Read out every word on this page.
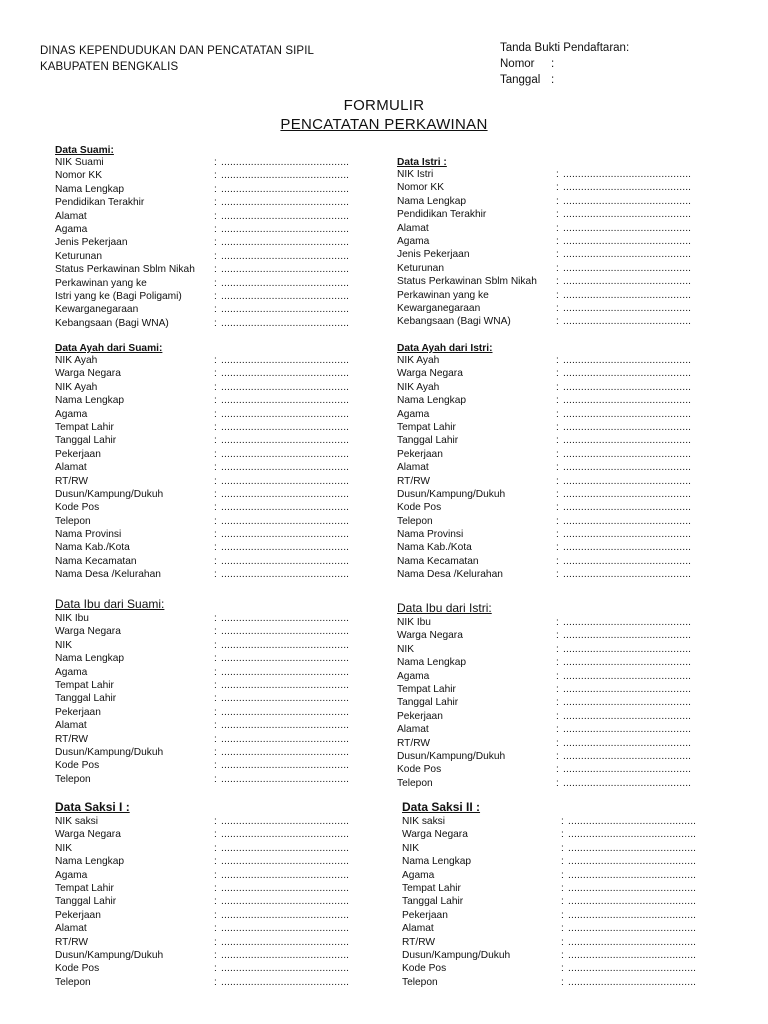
DINAS KEPENDUDUKAN DAN PENCATATAN SIPIL
KABUPATEN BENGKALIS
Tanda Bukti Pendaftaran:
Nomor	:
Tanggal :
FORMULIR
PENCATATAN PERKAWINAN
Data Suami:
NIK Suami	: ...........................................
Nomor KK	: ...........................................
Nama Lengkap	: ...........................................
Pendidikan Terakhir	: ...........................................
Alamat	: ...........................................
Agama	: ...........................................
Jenis Pekerjaan	: ...........................................
Keturunan	: ...........................................
Status Perkawinan Sblm Nikah : ...........................................
Perkawinan yang ke	: ...........................................
Istri yang ke (Bagi Poligami)	: ...........................................
Kewarganegaraan	: ...........................................
Kebangsaan (Bagi WNA)	: ...........................................
Data Istri :
NIK Istri	: ...........................................
Nomor KK	: ...........................................
Nama Lengkap	: ...........................................
Pendidikan Terakhir	: ...........................................
Alamat	: ...........................................
Agama	: ...........................................
Jenis Pekerjaan	: ...........................................
Keturunan	: ...........................................
Status Perkawinan Sblm Nikah : ...........................................
Perkawinan yang ke	: ...........................................
Kewarganegaraan	: ...........................................
Kebangsaan (Bagi WNA)	: ...........................................
Data Ayah dari Suami:
NIK Ayah	: ...........................................
Warga Negara	: ...........................................
NIK Ayah	: ...........................................
Nama Lengkap	: ...........................................
Agama	: ...........................................
Tempat Lahir	: ...........................................
Tanggal Lahir	: ...........................................
Pekerjaan	: ...........................................
Alamat	: ...........................................
RT/RW	: ...........................................
Dusun/Kampung/Dukuh	: ...........................................
Kode Pos	: ...........................................
Telepon	: ...........................................
Nama Provinsi	: ...........................................
Nama Kab./Kota	: ...........................................
Nama Kecamatan	: ...........................................
Nama Desa /Kelurahan	: ...........................................
Data Ayah dari Istri:
NIK Ayah	: ...........................................
Warga Negara	: ...........................................
NIK Ayah	: ...........................................
Nama Lengkap	: ...........................................
Agama	: ...........................................
Tempat Lahir	: ...........................................
Tanggal Lahir	: ...........................................
Pekerjaan	: ...........................................
Alamat	: ...........................................
RT/RW	: ...........................................
Dusun/Kampung/Dukuh	: ...........................................
Kode Pos	: ...........................................
Telepon	: ...........................................
Nama Provinsi	: ...........................................
Nama Kab./Kota	: ...........................................
Nama Kecamatan	: ...........................................
Nama Desa /Kelurahan	: ...........................................
Data Ibu dari Suami:
NIK Ibu	: ...........................................
Warga Negara	: ...........................................
NIK	: ...........................................
Nama Lengkap	: ...........................................
Agama	: ...........................................
Tempat Lahir	: ...........................................
Tanggal Lahir	: ...........................................
Pekerjaan	: ...........................................
Alamat	: ...........................................
RT/RW	: ...........................................
Dusun/Kampung/Dukuh	: ...........................................
Kode Pos	: ...........................................
Telepon	: ...........................................
Data Ibu dari Istri:
NIK Ibu	: ...........................................
Warga Negara	: ...........................................
NIK	: ...........................................
Nama Lengkap	: ...........................................
Agama	: ...........................................
Tempat Lahir	: ...........................................
Tanggal Lahir	: ...........................................
Pekerjaan	: ...........................................
Alamat	: ...........................................
RT/RW	: ...........................................
Dusun/Kampung/Dukuh	: ...........................................
Kode Pos	: ...........................................
Telepon	: ...........................................
Data Saksi I :
NIK saksi	: ...........................................
Warga Negara	: ...........................................
NIK	: ...........................................
Nama Lengkap	: ...........................................
Agama	: ...........................................
Tempat Lahir	: ...........................................
Tanggal Lahir	: ...........................................
Pekerjaan	: ...........................................
Alamat	: ...........................................
RT/RW	: ...........................................
Dusun/Kampung/Dukuh	: ...........................................
Kode Pos	: ...........................................
Telepon	: ...........................................
Data Saksi II :
NIK saksi	: ...........................................
Warga Negara	: ...........................................
NIK	: ...........................................
Nama Lengkap	: ...........................................
Agama	: ...........................................
Tempat Lahir	: ...........................................
Tanggal Lahir	: ...........................................
Pekerjaan	: ...........................................
Alamat	: ...........................................
RT/RW	: ...........................................
Dusun/Kampung/Dukuh	: ...........................................
Kode Pos	: ...........................................
Telepon	: ...........................................
